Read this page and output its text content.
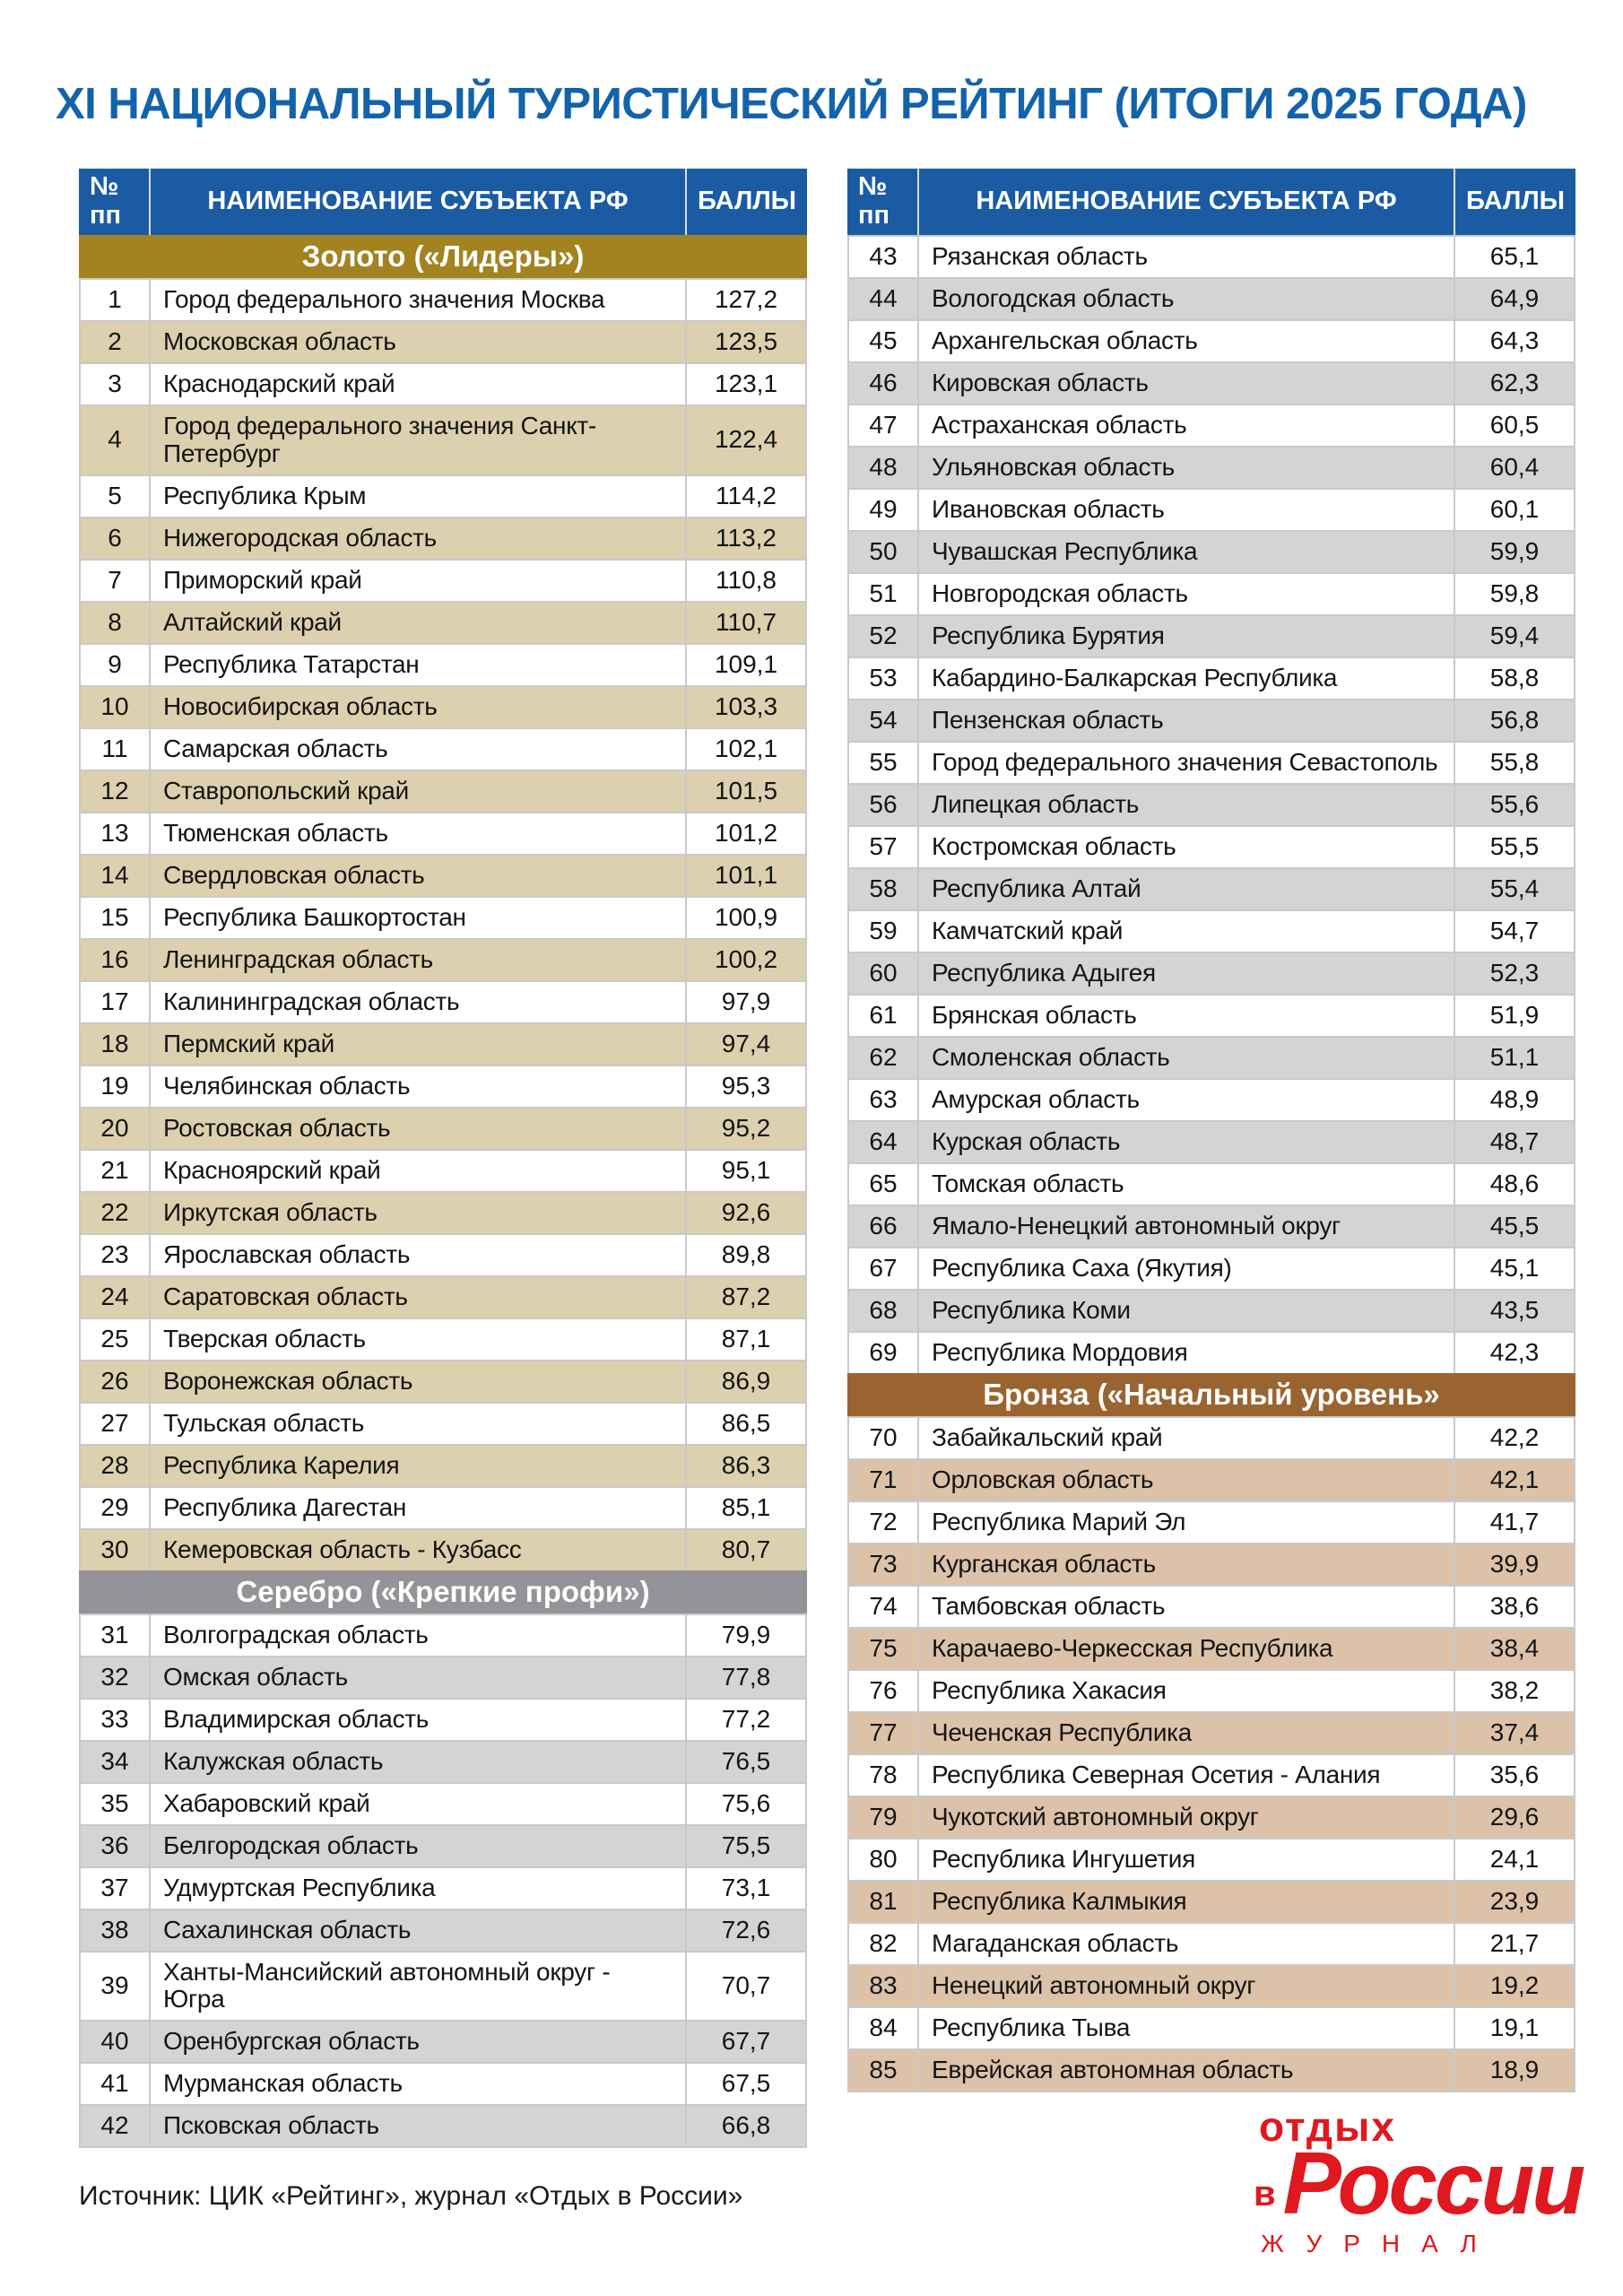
XI НАЦИОНАЛЬНЫЙ ТУРИСТИЧЕСКИЙ РЕЙТИНГ (ИТОГИ 2025 ГОДА)
№ пп	НАИМЕНОВАНИЕ СУБЪЕКТА РФ	БАЛЛЫ
Золото («Лидеры»)
1	Город федерального значения Москва	127,2
2	Московская область	123,5
3	Краснодарский край	123,1
4	Город федерального значения Санкт-Петербург	122,4
5	Республика Крым	114,2
6	Нижегородская область	113,2
7	Приморский край	110,8
8	Алтайский край	110,7
9	Республика Татарстан	109,1
10	Новосибирская область	103,3
11	Самарская область	102,1
12	Ставропольский край	101,5
13	Тюменская область	101,2
14	Свердловская область	101,1
15	Республика Башкортостан	100,9
16	Ленинградская область	100,2
17	Калининградская область	97,9
18	Пермский край	97,4
19	Челябинская область	95,3
20	Ростовская область	95,2
21	Красноярский край	95,1
22	Иркутская область	92,6
23	Ярославская область	89,8
24	Саратовская область	87,2
25	Тверская область	87,1
26	Воронежская область	86,9
27	Тульская область	86,5
28	Республика Карелия	86,3
29	Республика Дагестан	85,1
30	Кемеровская область - Кузбасс	80,7
Серебро («Крепкие профи»)
31	Волгоградская область	79,9
32	Омская область	77,8
33	Владимирская область	77,2
34	Калужская область	76,5
35	Хабаровский край	75,6
36	Белгородская область	75,5
37	Удмуртская Республика	73,1
38	Сахалинская область	72,6
39	Ханты-Мансийский автономный округ - Югра	70,7
40	Оренбургская область	67,7
41	Мурманская область	67,5
42	Псковская область	66,8
№ пп	НАИМЕНОВАНИЕ СУБЪЕКТА РФ	БАЛЛЫ
43	Рязанская область	65,1
44	Вологодская область	64,9
45	Архангельская область	64,3
46	Кировская область	62,3
47	Астраханская область	60,5
48	Ульяновская область	60,4
49	Ивановская область	60,1
50	Чувашская Республика	59,9
51	Новгородская область	59,8
52	Республика Бурятия	59,4
53	Кабардино-Балкарская Республика	58,8
54	Пензенская область	56,8
55	Город федерального значения Севастополь	55,8
56	Липецкая область	55,6
57	Костромская область	55,5
58	Республика Алтай	55,4
59	Камчатский край	54,7
60	Республика Адыгея	52,3
61	Брянская область	51,9
62	Смоленская область	51,1
63	Амурская область	48,9
64	Курская область	48,7
65	Томская область	48,6
66	Ямало-Ненецкий автономный округ	45,5
67	Республика Саха (Якутия)	45,1
68	Республика Коми	43,5
69	Республика Мордовия	42,3
Бронза («Начальный уровень»
70	Забайкальский край	42,2
71	Орловская область	42,1
72	Республика Марий Эл	41,7
73	Курганская область	39,9
74	Тамбовская область	38,6
75	Карачаево-Черкесская Республика	38,4
76	Республика Хакасия	38,2
77	Чеченская Республика	37,4
78	Республика Северная Осетия - Алания	35,6
79	Чукотский автономный округ	29,6
80	Республика Ингушетия	24,1
81	Республика Калмыкия	23,9
82	Магаданская область	21,7
83	Ненецкий автономный округ	19,2
84	Республика Тыва	19,1
85	Еврейская автономная область	18,9
Источник: ЦИК «Рейтинг», журнал «Отдых в России»
отдых
в России
ЖУРНАЛ
